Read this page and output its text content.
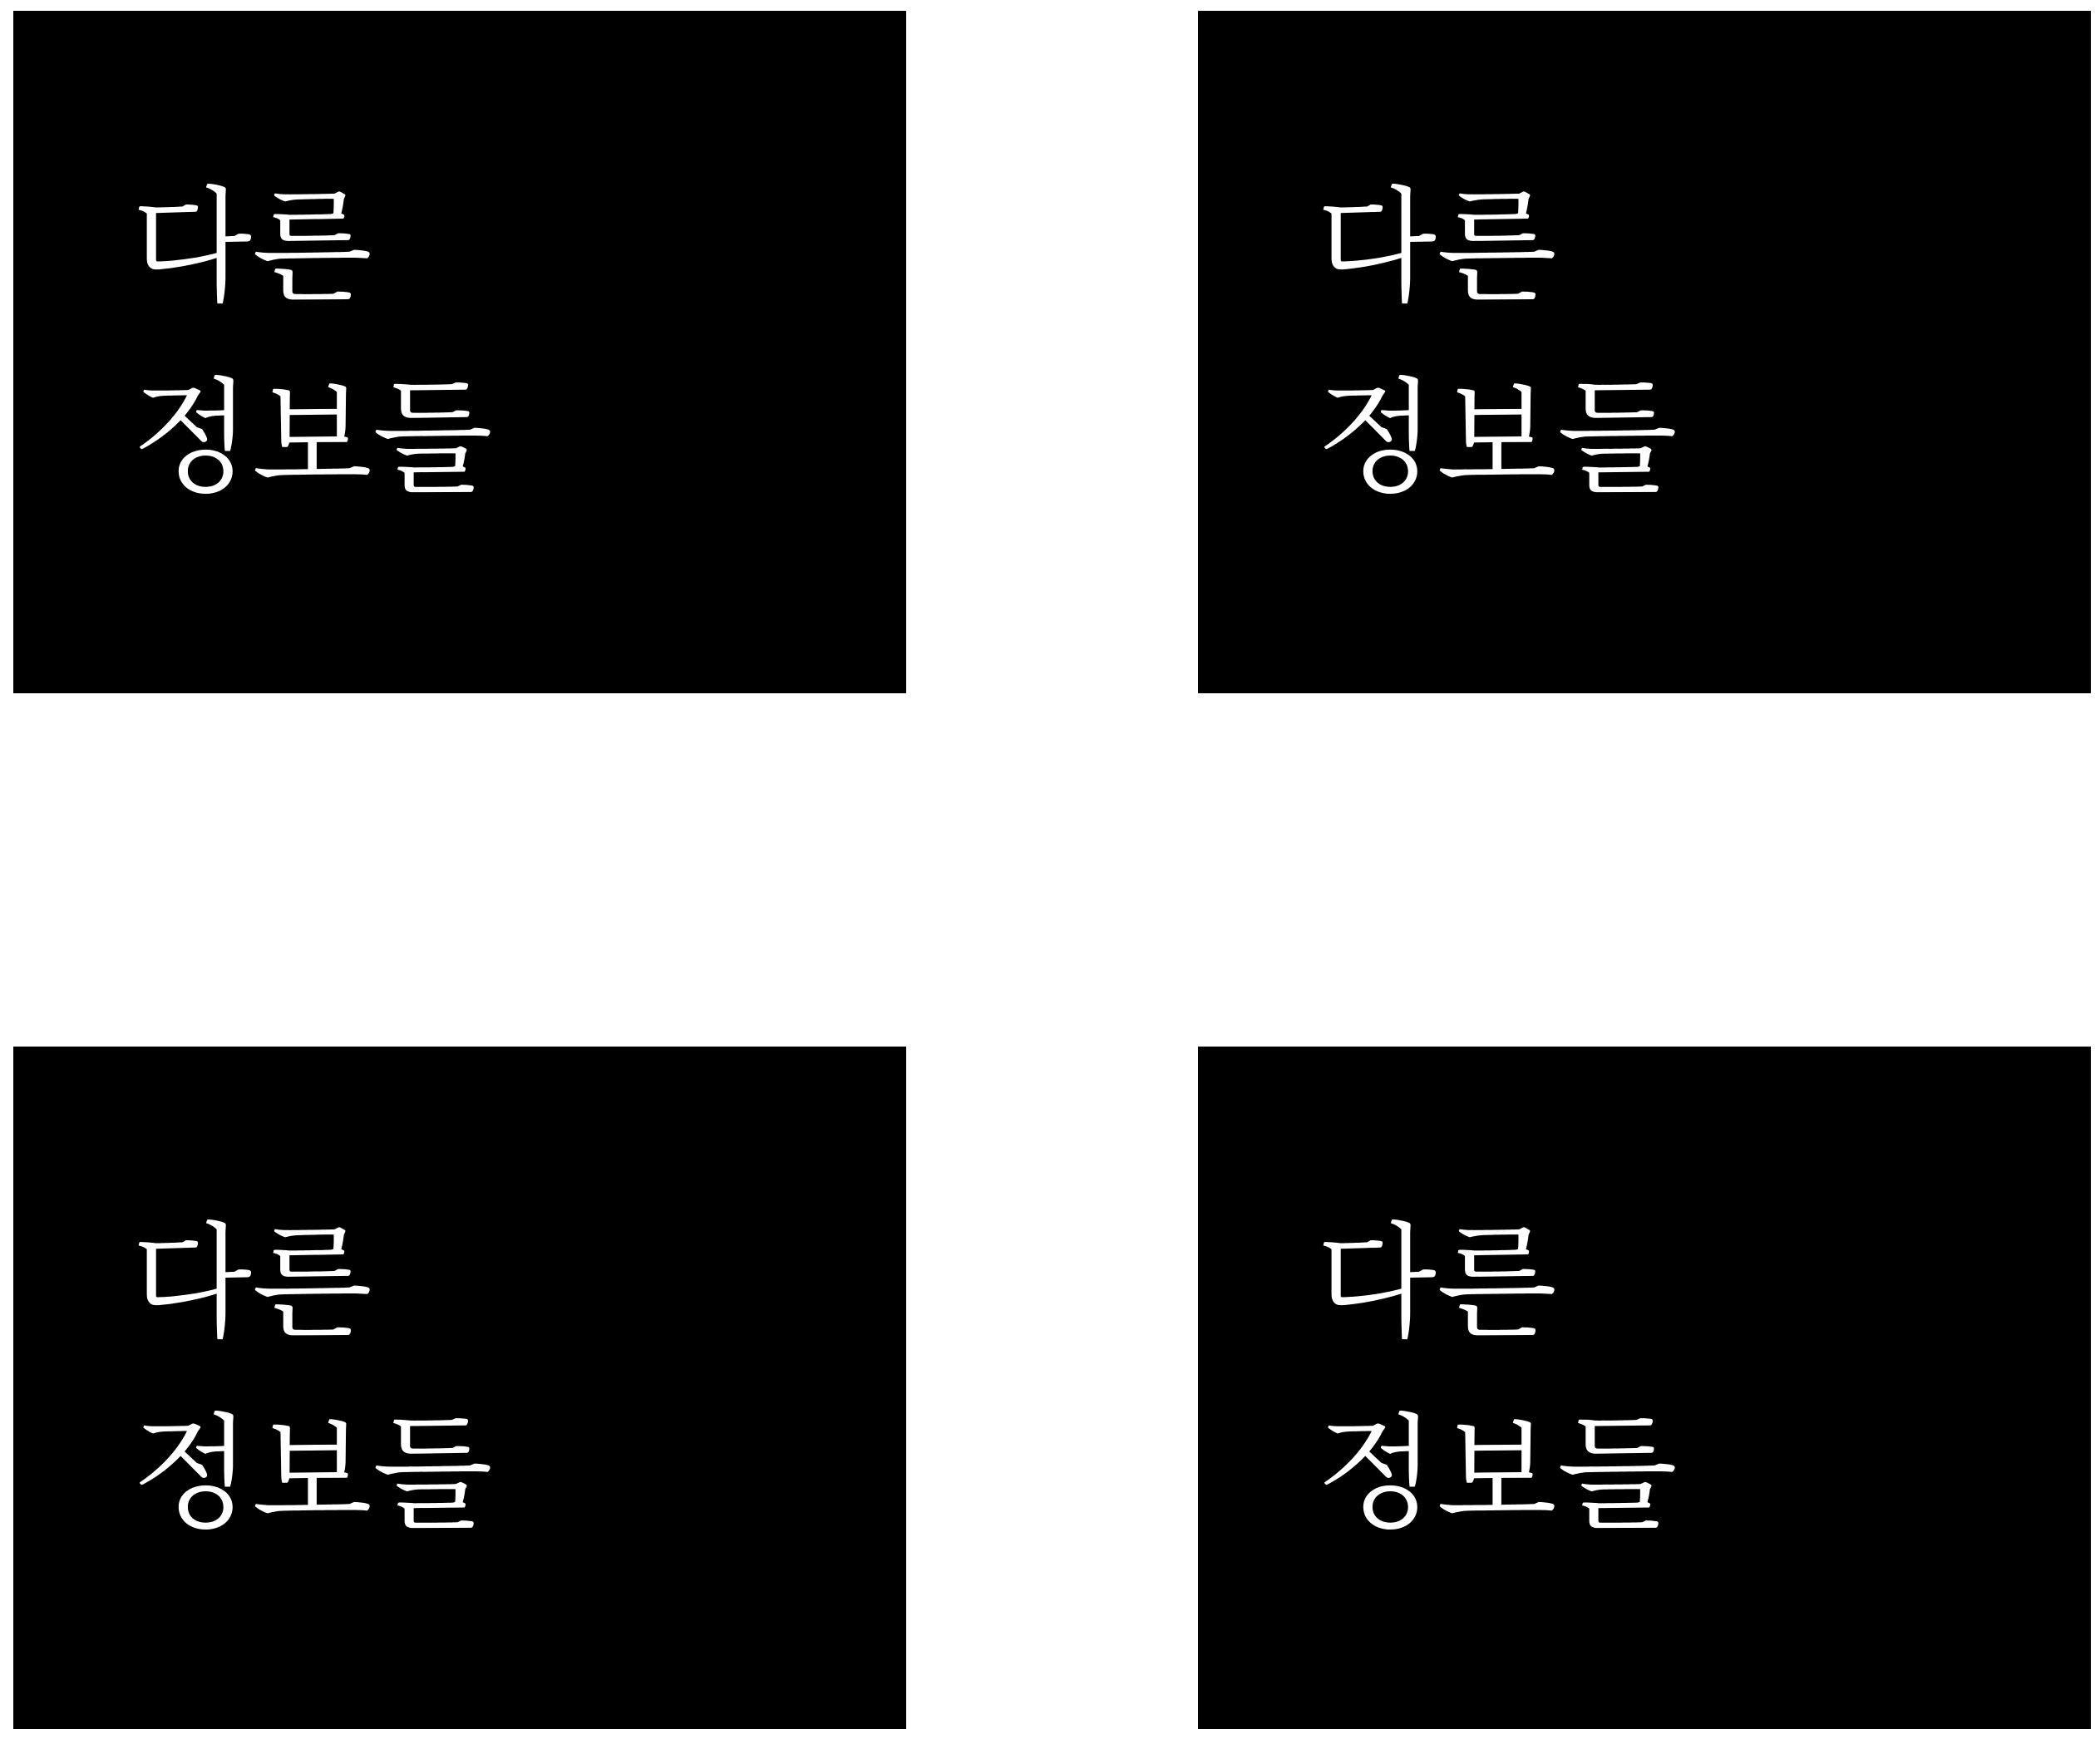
다른
정보들
다른
정보들
다른
정보들
다른
정보들
